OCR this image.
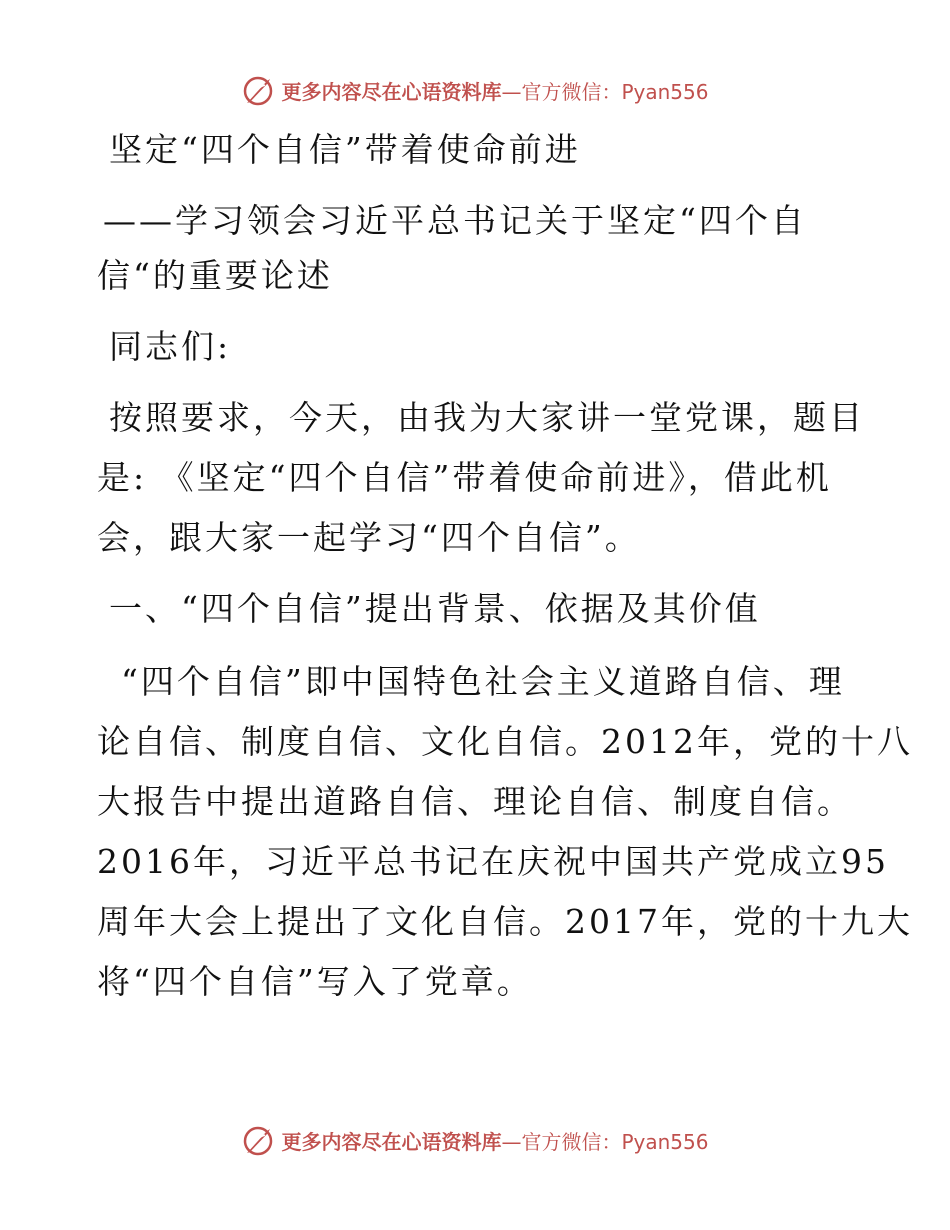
更多内容尽在心语资料库—官方微信：Pyan556
坚定“四个自信”带着使命前进
——学习领会习近平总书记关于坚定“四个自
信“的重要论述
同志们:
按照要求，今天，由我为大家讲一堂党课，题目
是: 《坚定“四个自信”带着使命前进》，借此机
会，跟大家一起学习“四个自信”。
一、“四个自信”提出背景、依据及其价值
“四个自信”即中国特色社会主义道路自信、理
论自信、制度自信、文化自信。2012年，党的十八
大报告中提出道路自信、理论自信、制度自信。
2016年，习近平总书记在庆祝中国共产党成立95
周年大会上提出了文化自信。2017年，党的十九大
将“四个自信”写入了党章。
更多内容尽在心语资料库—官方微信：Pyan556
